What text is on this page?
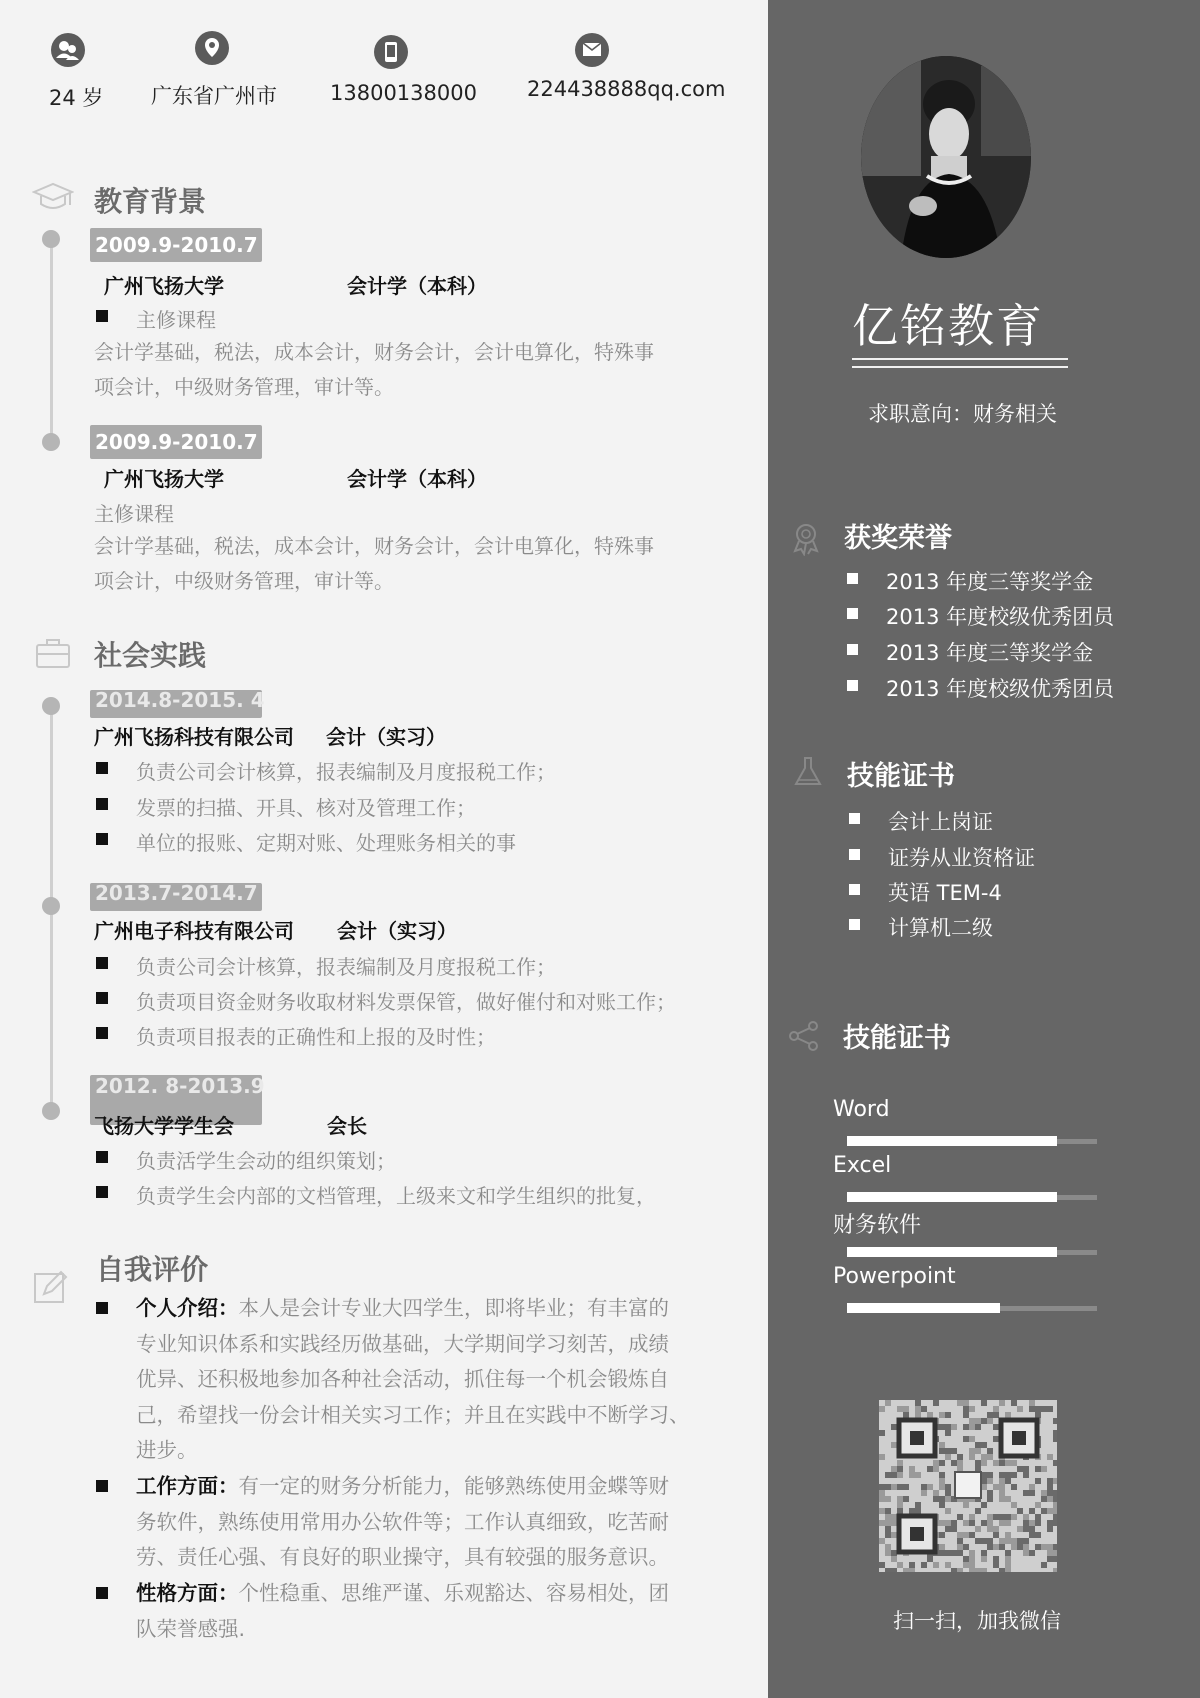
24 岁 广东省广州市	13800138000 224438888qq.com
教育背景
2009.9-2010.7
广州飞扬大学	会计学（本科）
主修课程
会计学基础，税法，成本会计，财务会计，会计电算化，特殊事
项会计，中级财务管理，审计等。
2009.9-2010.7
广州飞扬大学	会计学（本科）
主修课程
会计学基础，税法，成本会计，财务会计，会计电算化，特殊事
项会计，中级财务管理，审计等。
社会实践
2014.8-2015. 4
广州飞扬科技有限公司 会计（实习）
负责公司会计核算，报表编制及月度报税工作；
发票的扫描、开具、核对及管理工作；
单位的报账、定期对账、处理账务相关的事
2013.7-2014.7
广州电子科技有限公司 会计（实习）
负责公司会计核算，报表编制及月度报税工作；
负责项目资金财务收取材料发票保管，做好催付和对账工作；
负责项目报表的正确性和上报的及时性；
2012. 8-2013.9
飞扬大学学生会	会长
负责活学生会动的组织策划；
负责学生会内部的文档管理，上级来文和学生组织的批复，
自我评价
个人介绍：本人是会计专业大四学生，即将毕业；有丰富的
专业知识体系和实践经历做基础，大学期间学习刻苦，成绩
优异、还积极地参加各种社会活动，抓住每一个机会锻炼自
己，希望找一份会计相关实习工作；并且在实践中不断学习、
进步。
工作方面：有一定的财务分析能力，能够熟练使用金蝶等财
务软件，熟练使用常用办公软件等；工作认真细致，吃苦耐
劳、责任心强、有良好的职业操守，具有较强的服务意识。
性格方面：个性稳重、思维严谨、乐观豁达、容易相处，团
队荣誉感强.
亿铭教育
求职意向：财务相关
获奖荣誉
2013 年度三等奖学金
2013 年度校级优秀团员
2013 年度三等奖学金
2013 年度校级优秀团员
技能证书
会计上岗证
证券从业资格证
英语 TEM-4
计算机二级
技能证书
Word
Excel
财务软件
Powerpoint
扫一扫，加我微信
